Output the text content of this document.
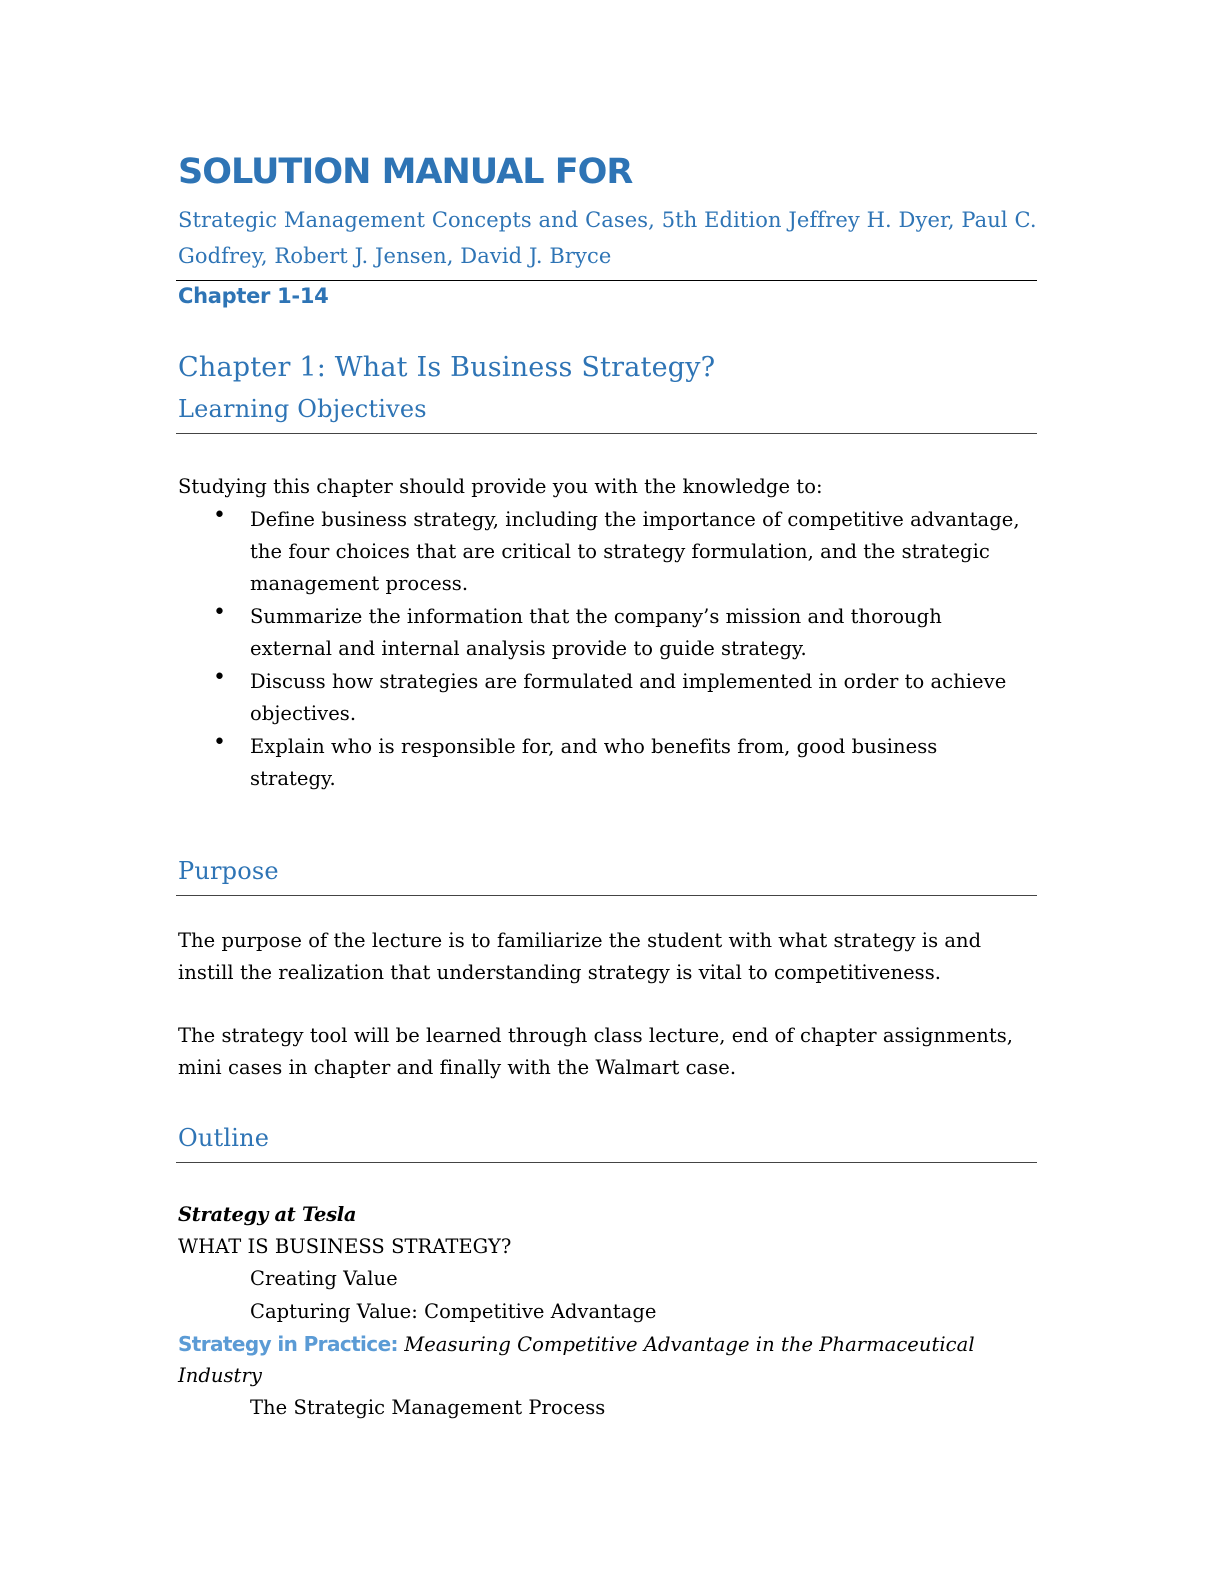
SOLUTION MANUAL FOR

Strategic Management Concepts and Cases, 5th Edition Jeffrey H. Dyer, Paul C.

Godfrey, Robert J. Jensen, David J. Bryce

Chapter 1-14

Chapter 1: What Is Business Strategy?

Learning Objectives

Studying this chapter should provide you with the knowledge to:

• Define business strategy, including the importance of competitive advantage,

the four choices that are critical to strategy formulation, and the strategic

management process.

• Summarize the information that the company’s mission and thorough

external and internal analysis provide to guide strategy.

• Discuss how strategies are formulated and implemented in order to achieve

objectives.

• Explain who is responsible for, and who benefits from, good business

strategy.

Purpose

The purpose of the lecture is to familiarize the student with what strategy is and

instill the realization that understanding strategy is vital to competitiveness.

The strategy tool will be learned through class lecture, end of chapter assignments,

mini cases in chapter and finally with the Walmart case.

Outline

Strategy at Tesla

WHAT IS BUSINESS STRATEGY?

Creating Value

Capturing Value: Competitive Advantage

Strategy in Practice: Measuring Competitive Advantage in the Pharmaceutical

Industry

The Strategic Management Process
